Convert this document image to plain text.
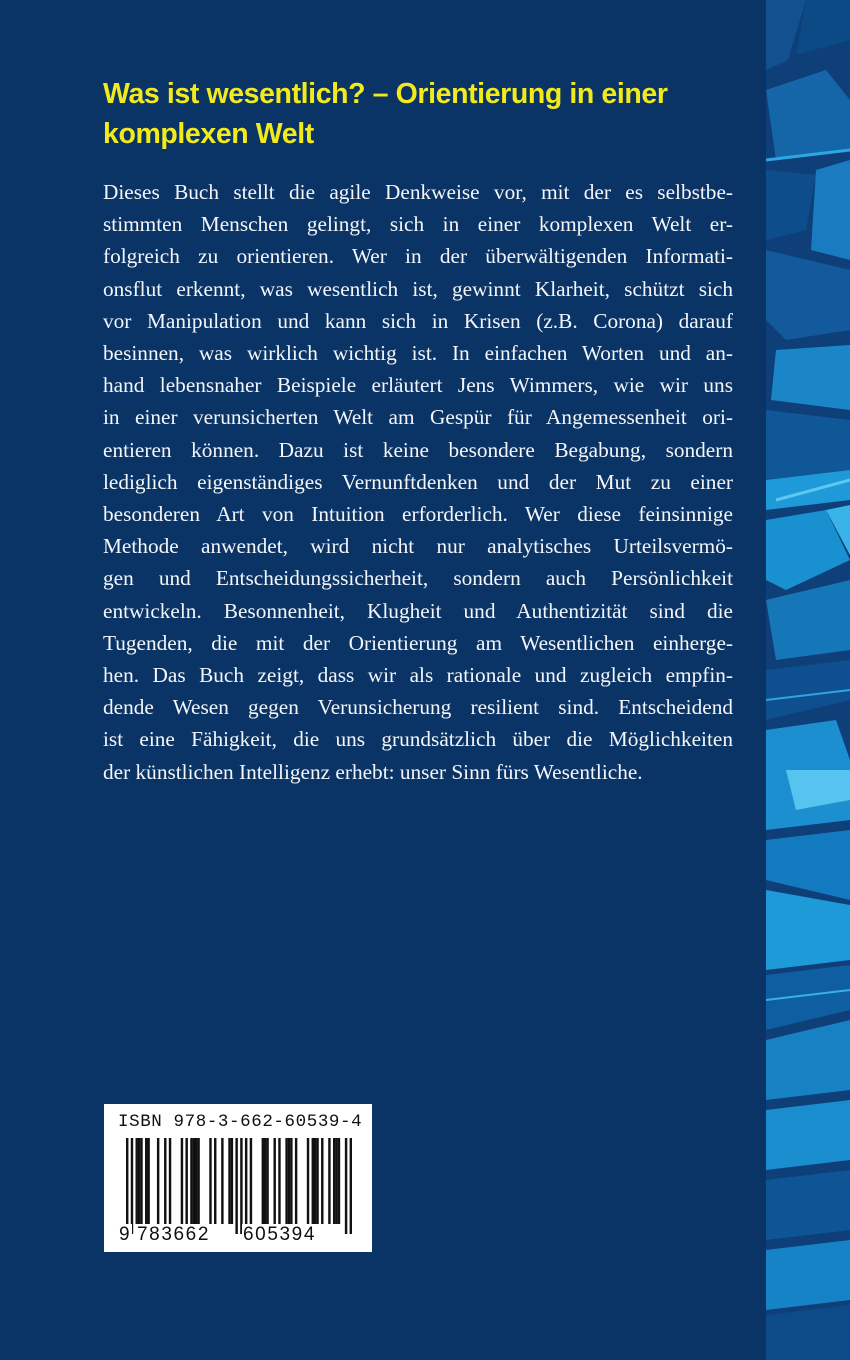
Was ist wesentlich? – Orientierung in einer
komplexen Welt
Dieses Buch stellt die agile Denkweise vor, mit der es selbstbe-
stimmten Menschen gelingt, sich in einer komplexen Welt er-
folgreich zu orientieren. Wer in der überwältigenden Informati-
onsflut erkennt, was wesentlich ist, gewinnt Klarheit, schützt sich
vor Manipulation und kann sich in Krisen (z.B. Corona) darauf
besinnen, was wirklich wichtig ist. In einfachen Worten und an-
hand lebensnaher Beispiele erläutert Jens Wimmers, wie wir uns
in einer verunsicherten Welt am Gespür für Angemessenheit ori-
entieren können. Dazu ist keine besondere Begabung, sondern
lediglich eigenständiges Vernunftdenken und der Mut zu einer
besonderen Art von Intuition erforderlich. Wer diese feinsinnige
Methode anwendet, wird nicht nur analytisches Urteilsvermö-
gen und Entscheidungssicherheit, sondern auch Persönlichkeit
entwickeln. Besonnenheit, Klugheit und Authentizität sind die
Tugenden, die mit der Orientierung am Wesentlichen einherge-
hen. Das Buch zeigt, dass wir als rationale und zugleich empfin-
dende Wesen gegen Verunsicherung resilient sind. Entscheidend
ist eine Fähigkeit, die uns grundsätzlich über die Möglichkeiten
der künstlichen Intelligenz erhebt: unser Sinn fürs Wesentliche.
ISBN 978-3-662-60539-4
9 783662 605394
